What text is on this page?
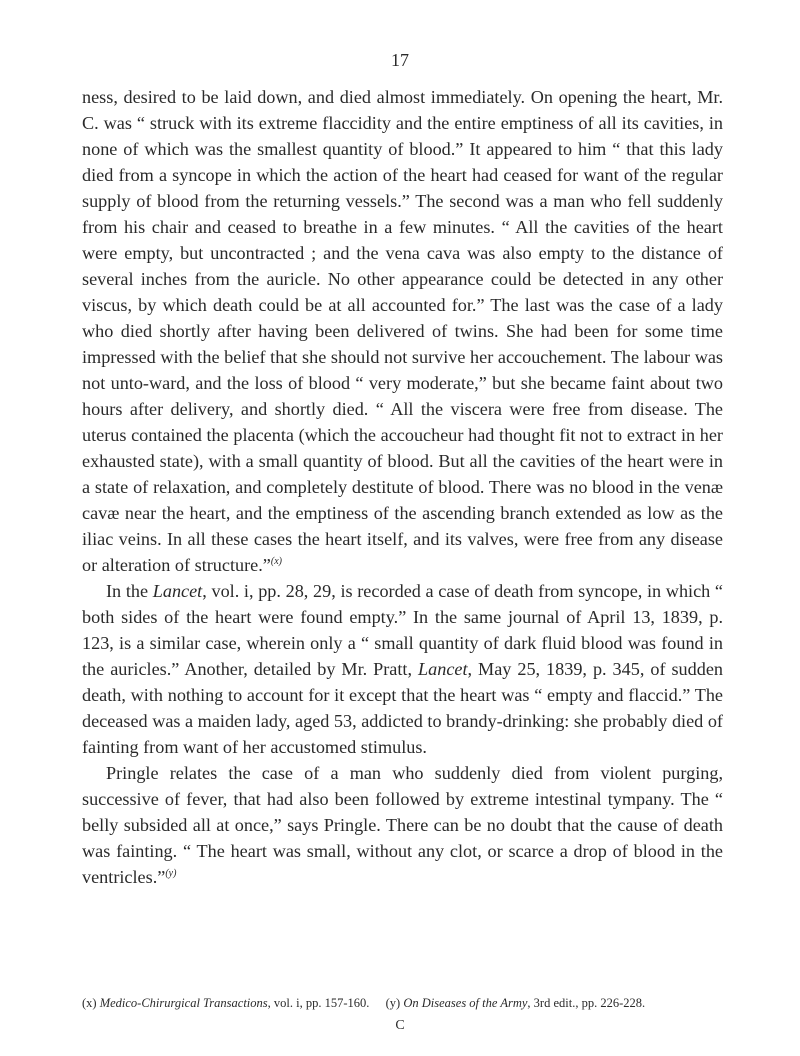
17

ness, desired to be laid down, and died almost immediately. On opening the heart, Mr. C. was “ struck with its extreme flaccidity and the entire emptiness of all its cavities, in none of which was the smallest quantity of blood.” It appeared to him “ that this lady died from a syncope in which the action of the heart had ceased for want of the regular supply of blood from the returning vessels.” The second was a man who fell suddenly from his chair and ceased to breathe in a few minutes. “ All the cavities of the heart were empty, but uncontracted ; and the vena cava was also empty to the distance of several inches from the auricle. No other appearance could be detected in any other viscus, by which death could be at all accounted for.” The last was the case of a lady who died shortly after having been delivered of twins. She had been for some time impressed with the belief that she should not survive her accouchement. The labour was not unto-ward, and the loss of blood “ very moderate,” but she became faint about two hours after delivery, and shortly died. “ All the viscera were free from disease. The uterus contained the placenta (which the accoucheur had thought fit not to extract in her exhausted state), with a small quantity of blood. But all the cavities of the heart were in a state of relaxation, and completely destitute of blood. There was no blood in the venæ cavæ near the heart, and the emptiness of the ascending branch extended as low as the iliac veins. In all these cases the heart itself, and its valves, were free from any disease or alteration of structure.”$^{(x)}$

In the Lancet, vol. i, pp. 28, 29, is recorded a case of death from syncope, in which “ both sides of the heart were found empty.” In the same journal of April 13, 1839, p. 123, is a similar case, wherein only a “ small quantity of dark fluid blood was found in the auricles.” Another, detailed by Mr. Pratt, Lancet, May 25, 1839, p. 345, of sudden death, with nothing to account for it except that the heart was “ empty and flaccid.” The deceased was a maiden lady, aged 53, addicted to brandy-drinking: she probably died of fainting from want of her accustomed stimulus.

Pringle relates the case of a man who suddenly died from violent purging, successive of fever, that had also been followed by extreme intestinal tympany. The “ belly subsided all at once,” says Pringle. There can be no doubt that the cause of death was fainting. “ The heart was small, without any clot, or scarce a drop of blood in the ventricles.”$^{(y)}$

(x) Medico-Chirurgical Transactions, vol. i, pp. 157-160. (y) On Diseases of the Army, 3rd edit., pp. 226-228.
C
